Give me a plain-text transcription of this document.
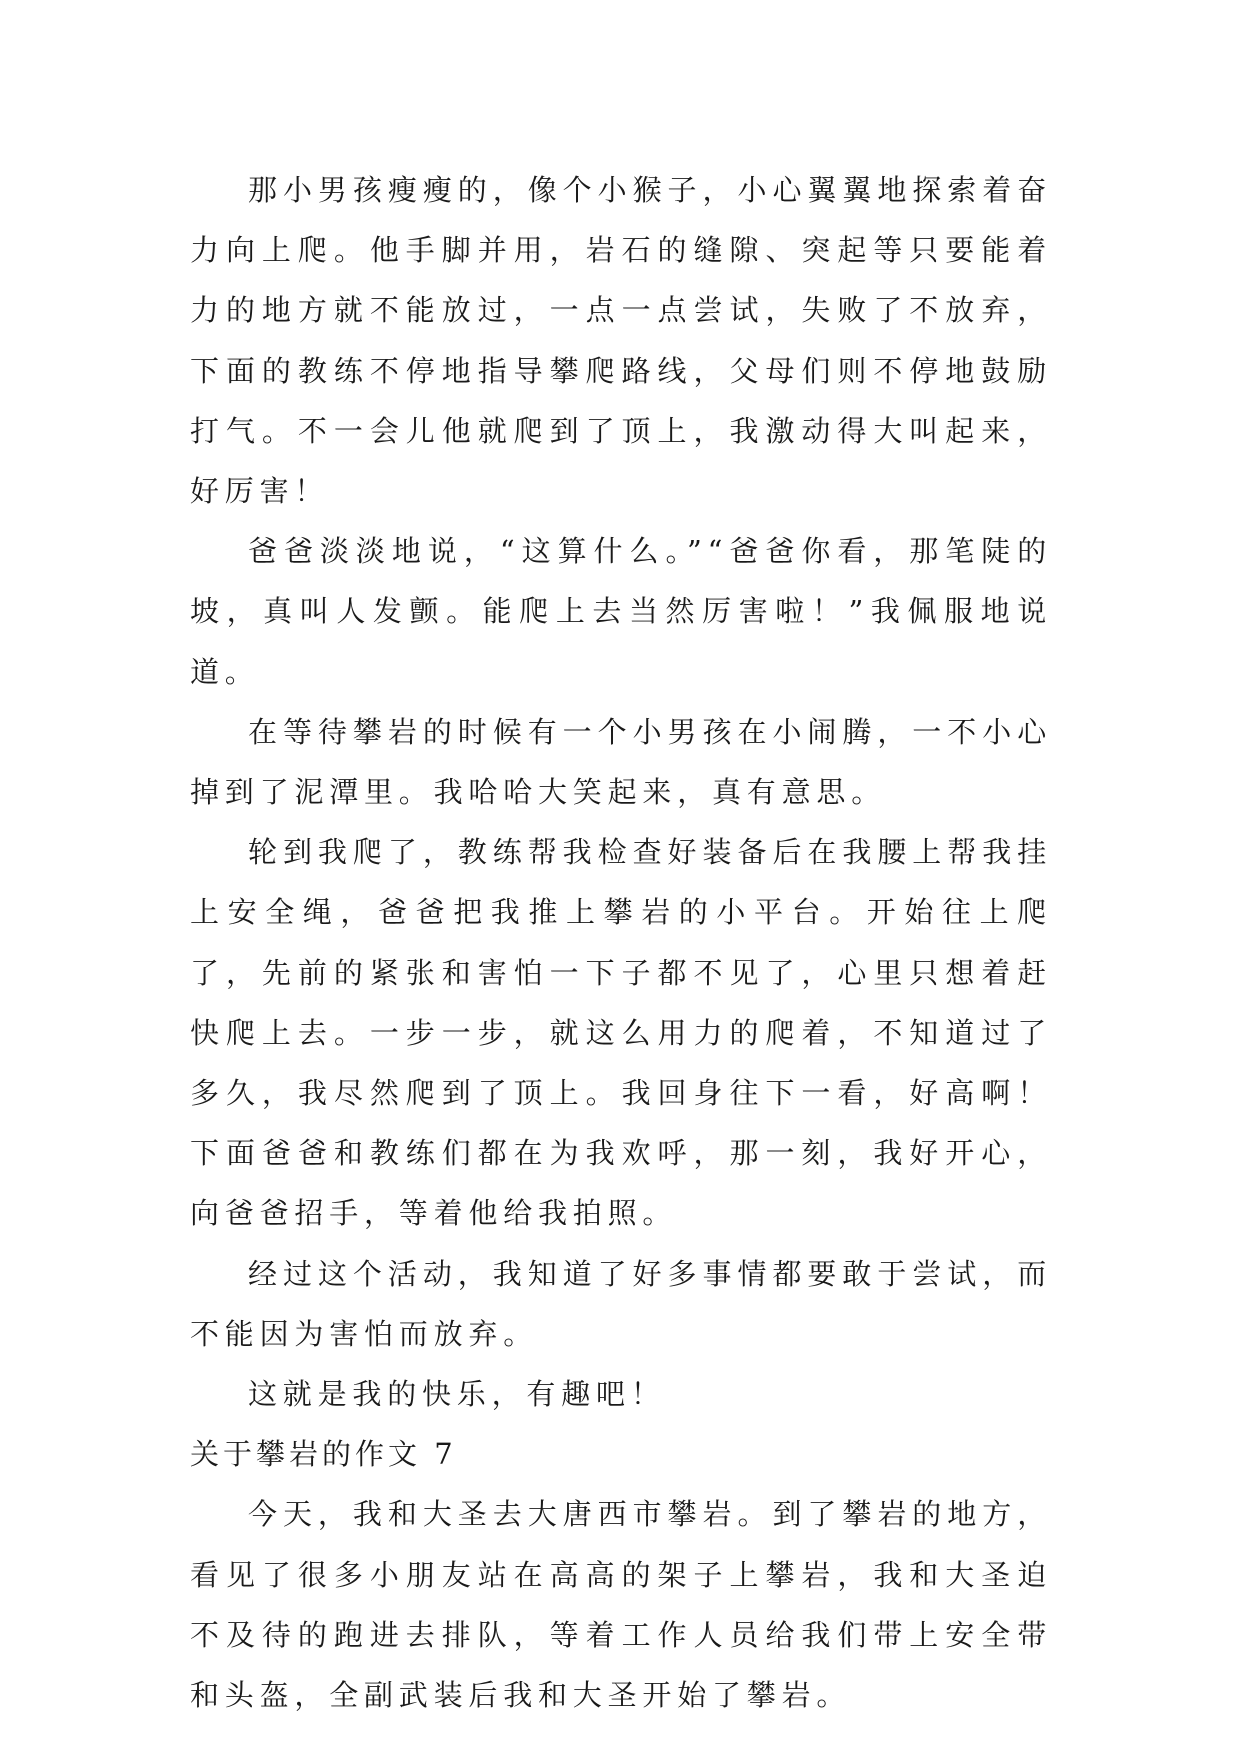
那小男孩瘦瘦的，像个小猴子，小心翼翼地探索着奋力向上爬。他手脚并用，岩石的缝隙、突起等只要能着力的地方就不能放过，一点一点尝试，失败了不放弃，下面的教练不停地指导攀爬路线，父母们则不停地鼓励打气。不一会儿他就爬到了顶上，我激动得大叫起来，好厉害！

爸爸淡淡地说，“这算什么。”“爸爸你看，那笔陡的坡，真叫人发颤。能爬上去当然厉害啦！”我佩服地说道。

在等待攀岩的时候有一个小男孩在小闹腾，一不小心掉到了泥潭里。我哈哈大笑起来，真有意思。

轮到我爬了，教练帮我检查好装备后在我腰上帮我挂上安全绳，爸爸把我推上攀岩的小平台。开始往上爬了，先前的紧张和害怕一下子都不见了，心里只想着赶快爬上去。一步一步，就这么用力的爬着，不知道过了多久，我尽然爬到了顶上。我回身往下一看，好高啊！下面爸爸和教练们都在为我欢呼，那一刻，我好开心，向爸爸招手，等着他给我拍照。

经过这个活动，我知道了好多事情都要敢于尝试，而不能因为害怕而放弃。

这就是我的快乐，有趣吧！

关于攀岩的作文 7

今天，我和大圣去大唐西市攀岩。到了攀岩的地方，看见了很多小朋友站在高高的架子上攀岩，我和大圣迫不及待的跑进去排队，等着工作人员给我们带上安全带和头盔，全副武装后我和大圣开始了攀岩。
